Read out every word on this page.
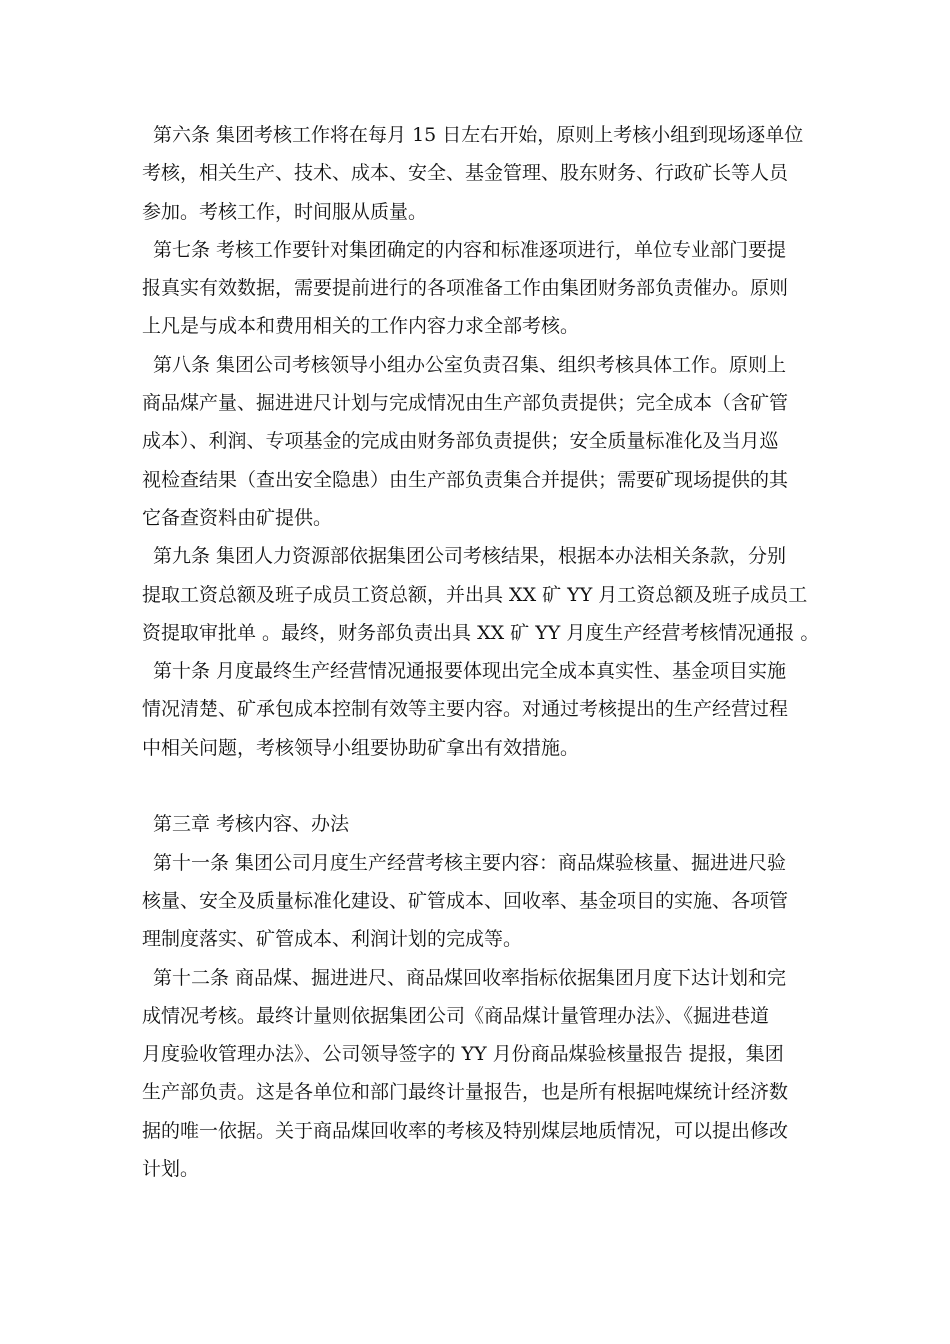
第六条 集团考核工作将在每月 15 日左右开始，原则上考核小组到现场逐单位
考核，相关生产、技术、成本、安全、基金管理、股东财务、行政矿长等人员
参加。考核工作，时间服从质量。

第七条 考核工作要针对集团确定的内容和标准逐项进行，单位专业部门要提
报真实有效数据，需要提前进行的各项准备工作由集团财务部负责催办。原则
上凡是与成本和费用相关的工作内容力求全部考核。

第八条 集团公司考核领导小组办公室负责召集、组织考核具体工作。原则上
商品煤产量、掘进进尺计划与完成情况由生产部负责提供；完全成本（含矿管
成本）、利润、专项基金的完成由财务部负责提供；安全质量标准化及当月巡
视检查结果（查出安全隐患）由生产部负责集合并提供；需要矿现场提供的其
它备查资料由矿提供。

第九条 集团人力资源部依据集团公司考核结果，根据本办法相关条款，分别
提取工资总额及班子成员工资总额，并出具 XX 矿 YY 月工资总额及班子成员工
资提取审批单 。最终，财务部负责出具 XX 矿 YY 月度生产经营考核情况通报 。

第十条 月度最终生产经营情况通报要体现出完全成本真实性、基金项目实施
情况清楚、矿承包成本控制有效等主要内容。对通过考核提出的生产经营过程
中相关问题，考核领导小组要协助矿拿出有效措施。

第三章 考核内容、办法

第十一条 集团公司月度生产经营考核主要内容：商品煤验核量、掘进进尺验
核量、安全及质量标准化建设、矿管成本、回收率、基金项目的实施、各项管
理制度落实、矿管成本、利润计划的完成等。

第十二条 商品煤、掘进进尺、商品煤回收率指标依据集团月度下达计划和完
成情况考核。最终计量则依据集团公司《商品煤计量管理办法》、《掘进巷道
月度验收管理办法》、公司领导签字的 YY 月份商品煤验核量报告 提报，集团
生产部负责。这是各单位和部门最终计量报告，也是所有根据吨煤统计经济数
据的唯一依据。关于商品煤回收率的考核及特别煤层地质情况，可以提出修改
计划。
